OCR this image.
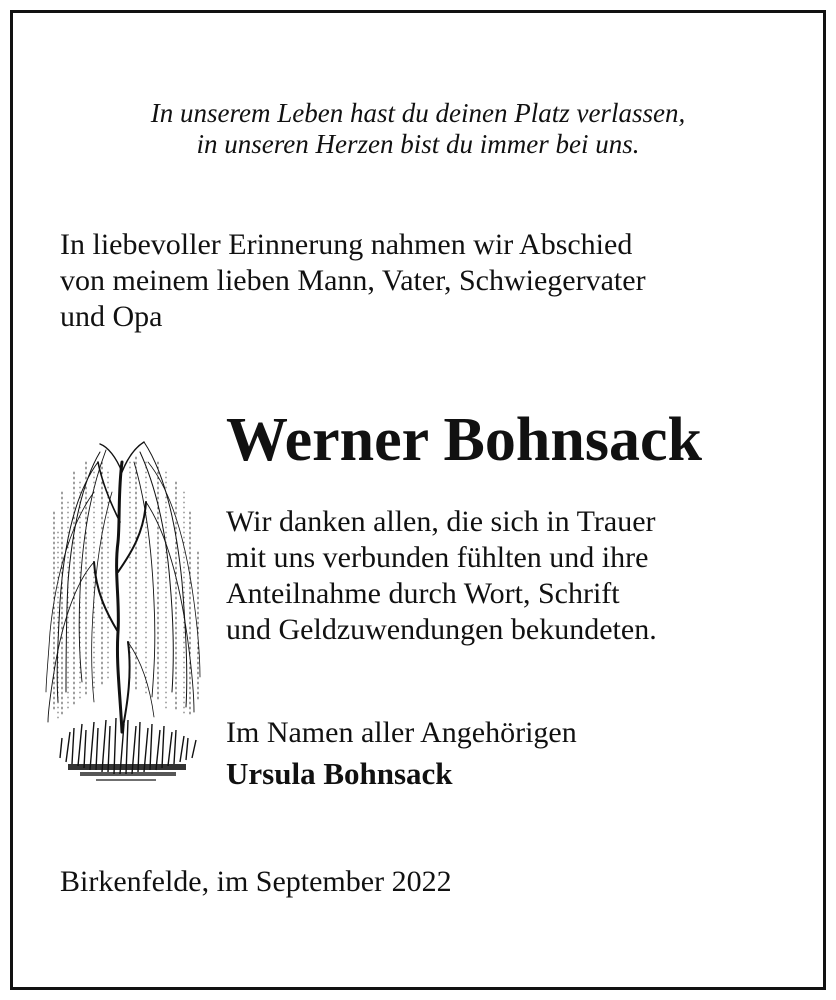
In unserem Leben hast du deinen Platz verlassen,
in unseren Herzen bist du immer bei uns.
In liebevoller Erinnerung nahmen wir Abschied
von meinem lieben Mann, Vater, Schwiegervater
und Opa
Werner Bohnsack
Wir danken allen, die sich in Trauer
mit uns verbunden fühlten und ihre
Anteilnahme durch Wort, Schrift
und Geldzuwendungen bekundeten.
Im Namen aller Angehörigen
Ursula Bohnsack
Birkenfelde, im September 2022
